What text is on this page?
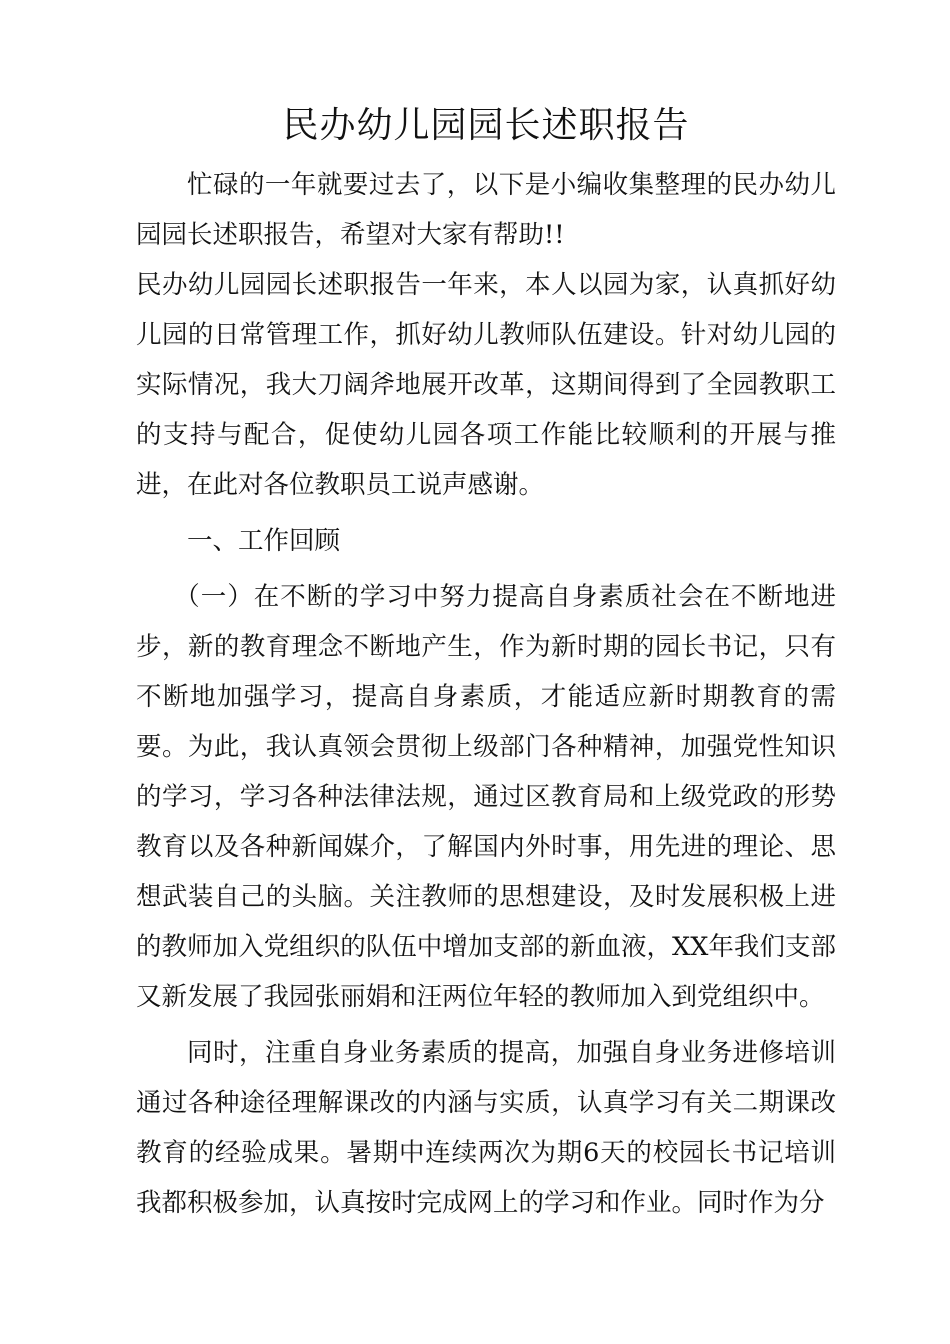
民办幼儿园园长述职报告

忙碌的一年就要过去了，以下是小编收集整理的民办幼儿园园长述职报告，希望对大家有帮助!!

民办幼儿园园长述职报告一年来，本人以园为家，认真抓好幼儿园的日常管理工作，抓好幼儿教师队伍建设。针对幼儿园的实际情况，我大刀阔斧地展开改革，这期间得到了全园教职工的支持与配合，促使幼儿园各项工作能比较顺利的开展与推进，在此对各位教职员工说声感谢。

一、工作回顾

（一）在不断的学习中努力提高自身素质社会在不断地进步，新的教育理念不断地产生，作为新时期的园长书记，只有不断地加强学习，提高自身素质，才能适应新时期教育的需要。为此，我认真领会贯彻上级部门各种精神，加强党性知识的学习，学习各种法律法规，通过区教育局和上级党政的形势教育以及各种新闻媒介，了解国内外时事，用先进的理论、思想武装自己的头脑。关注教师的思想建设，及时发展积极上进的教师加入党组织的队伍中增加支部的新血液，XX年我们支部又新发展了我园张丽娟和汪两位年轻的教师加入到党组织中。

同时，注重自身业务素质的提高，加强自身业务进修培训通过各种途径理解课改的内涵与实质，认真学习有关二期课改教育的经验成果。暑期中连续两次为期6天的校园长书记培训我都积极参加，认真按时完成网上的学习和作业。同时作为分
